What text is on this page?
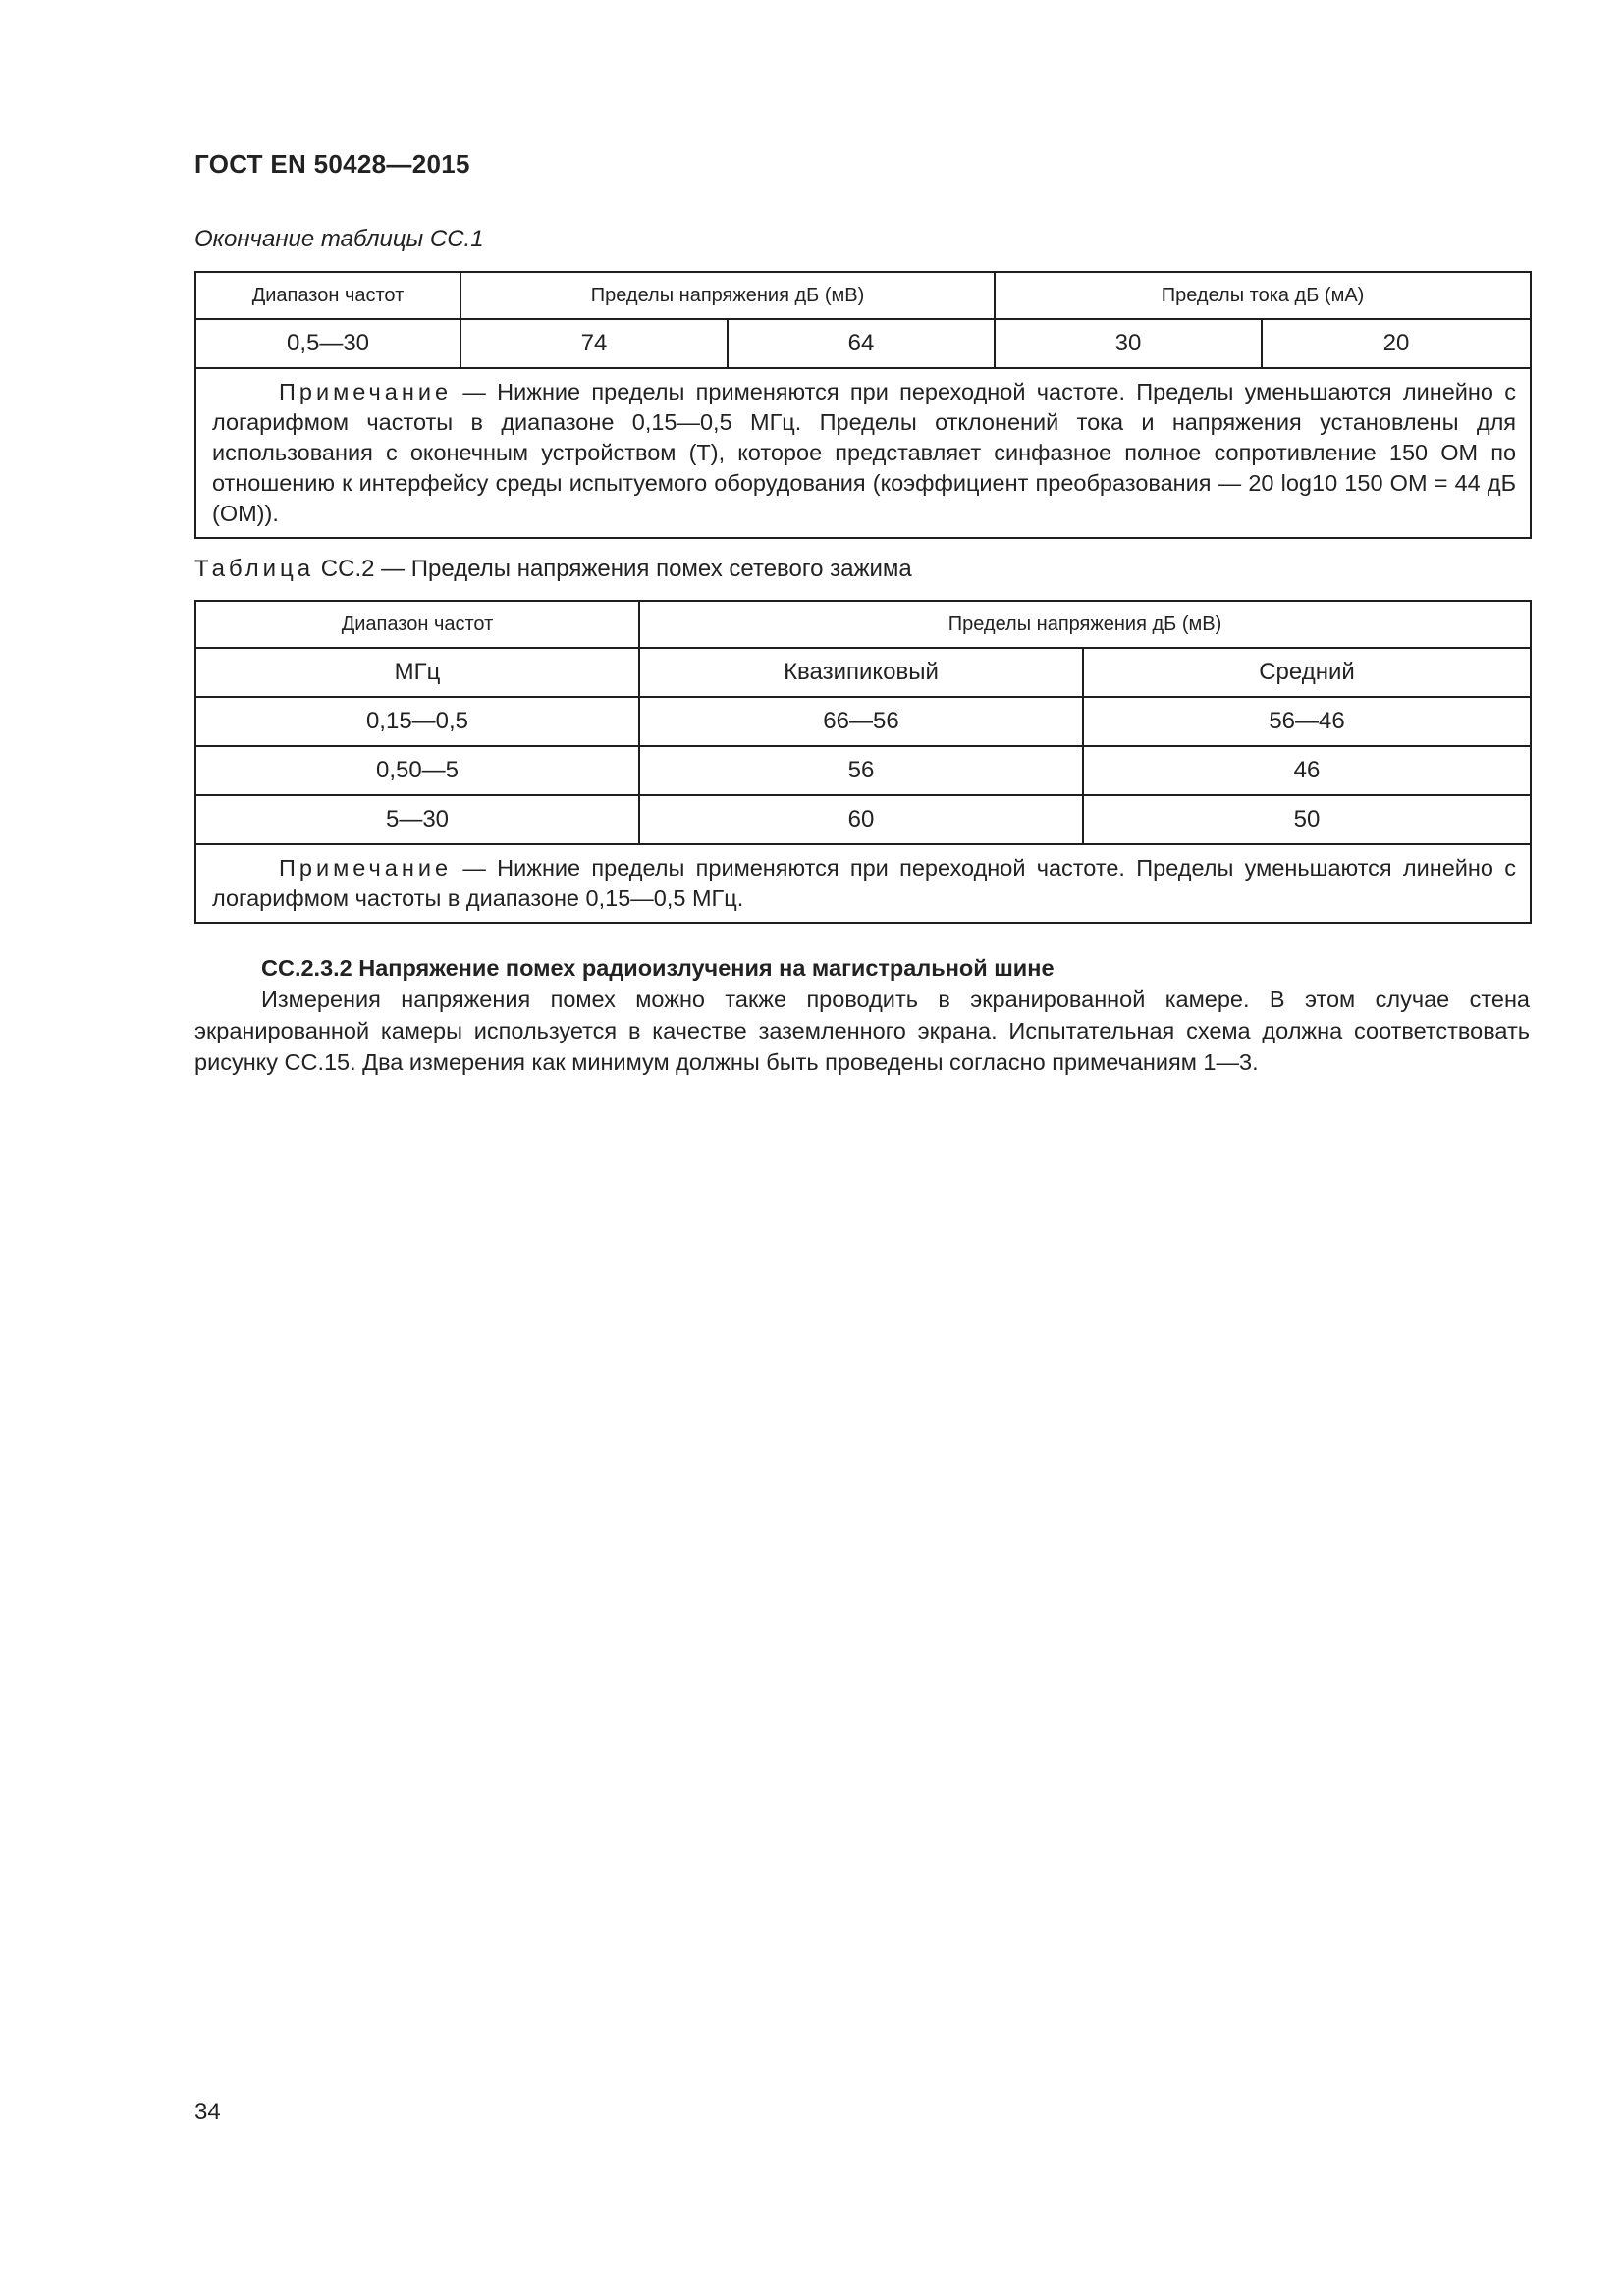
ГОСТ EN 50428—2015
Окончание таблицы СС.1
Диапазон частот	Пределы напряжения дБ (мВ)		Пределы тока дБ (мА)	
0,5—30	74	64	30	20

Примечание — Нижние пределы применяются при переходной частоте. Пределы уменьшаются линейно с логарифмом частоты в диапазоне 0,15—0,5 МГц. Пределы отклонений тока и напряжения установлены для использования с оконечным устройством (Т), которое представляет синфазное полное сопротивление 150 ОМ по отношению к интерфейсу среды испытуемого оборудования (коэффициент преобразования — 20 log10 150 ОМ = 44 дБ (ОМ)).				
Таблица СС.2 — Пределы напряжения помех сетевого зажима
Диапазон частот	Пределы напряжения дБ (мВ)	
МГц	Квазипиковый	Средний
0,15—0,5	66—56	56—46
0,50—5	56	46
5—30	60	50

Примечание — Нижние пределы применяются при переходной частоте. Пределы уменьшаются линейно с логарифмом частоты в диапазоне 0,15—0,5 МГц.		
СС.2.3.2 Напряжение помех радиоизлучения на магистральной шине
Измерения напряжения помех можно также проводить в экранированной камере. В этом случае стена экранированной камеры используется в качестве заземленного экрана. Испытательная схема должна соответствовать рисунку СС.15. Два измерения как минимум должны быть проведены согласно примечаниям 1—3.
34
